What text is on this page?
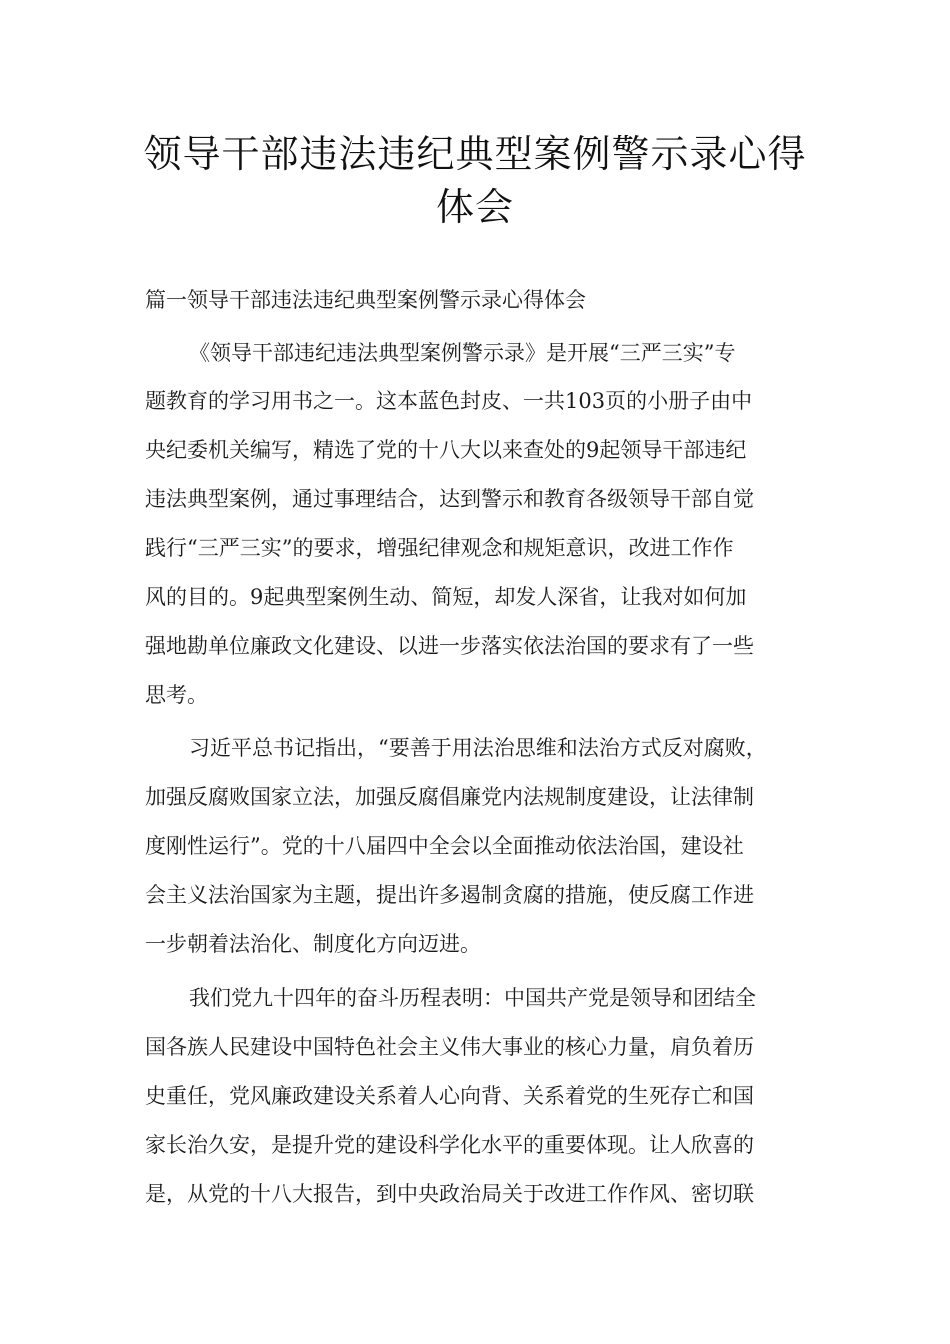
领导干部违法违纪典型案例警示录心得
体会

篇一领导干部违法违纪典型案例警示录心得体会

《领导干部违纪违法典型案例警示录》是开展“三严三实”专

题教育的学习用书之一。这本蓝色封皮、一共103页的小册子由中

央纪委机关编写，精选了党的十八大以来查处的9起领导干部违纪

违法典型案例，通过事理结合，达到警示和教育各级领导干部自觉

践行“三严三实”的要求，增强纪律观念和规矩意识，改进工作作

风的目的。9起典型案例生动、简短，却发人深省，让我对如何加

强地勘单位廉政文化建设、以进一步落实依法治国的要求有了一些

思考。

习近平总书记指出，“要善于用法治思维和法治方式反对腐败，

加强反腐败国家立法，加强反腐倡廉党内法规制度建设，让法律制

度刚性运行”。党的十八届四中全会以全面推动依法治国，建设社

会主义法治国家为主题，提出许多遏制贪腐的措施，使反腐工作进

一步朝着法治化、制度化方向迈进。

我们党九十四年的奋斗历程表明：中国共产党是领导和团结全

国各族人民建设中国特色社会主义伟大事业的核心力量，肩负着历

史重任，党风廉政建设关系着人心向背、关系着党的生死存亡和国

家长治久安，是提升党的建设科学化水平的重要体现。让人欣喜的

是，从党的十八大报告，到中央政治局关于改进工作作风、密切联
